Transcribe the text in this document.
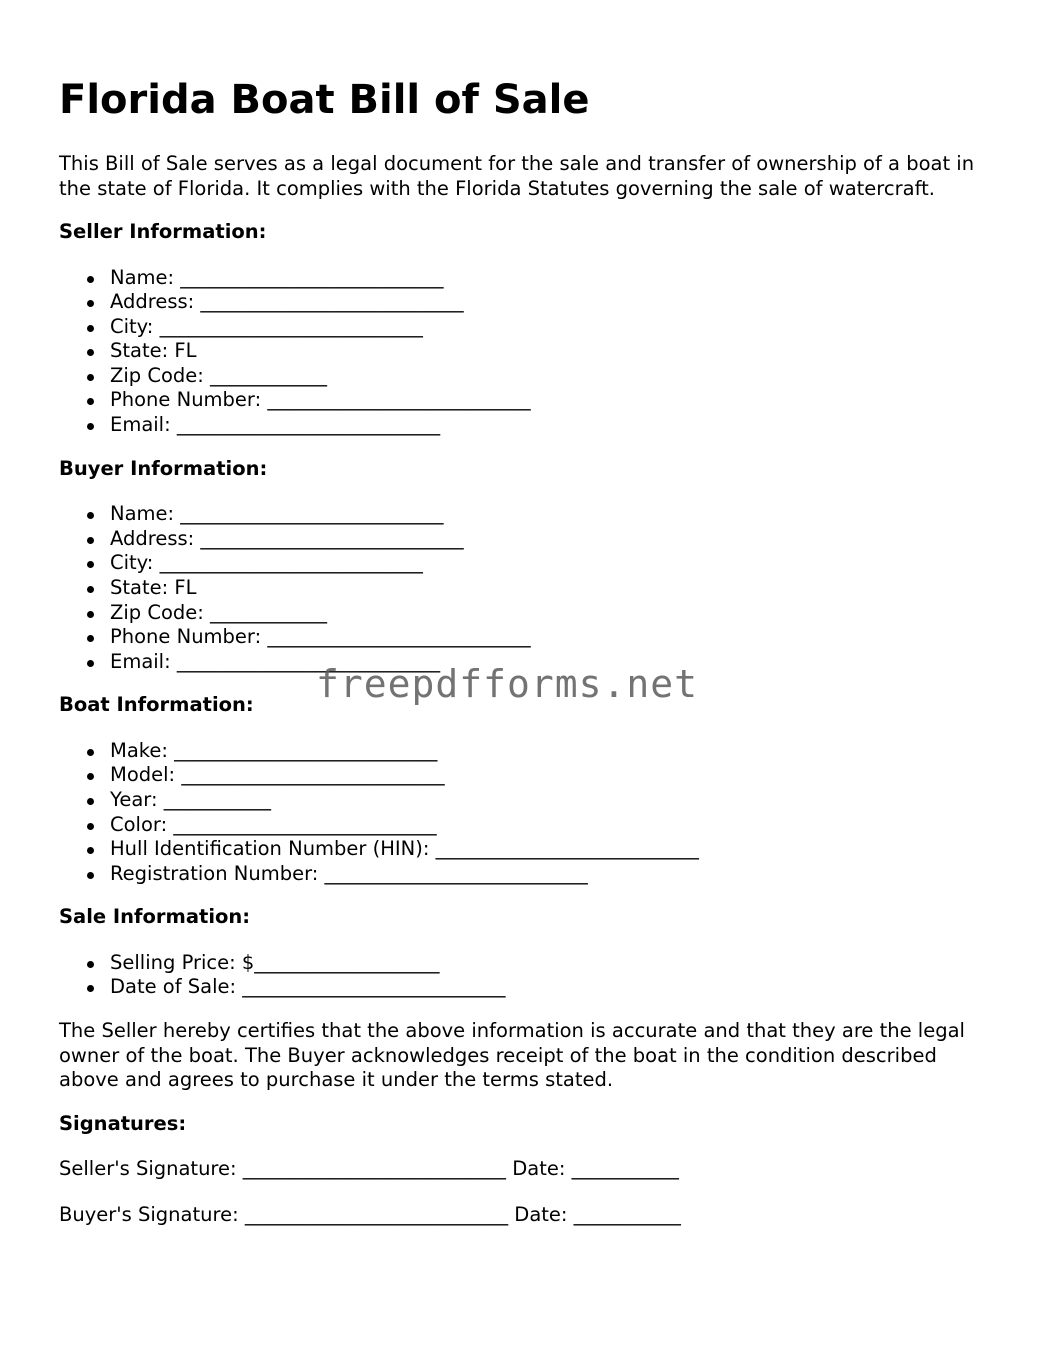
Florida Boat Bill of Sale

This Bill of Sale serves as a legal document for the sale and transfer of ownership of a boat in the state of Florida. It complies with the Florida Statutes governing the sale of watercraft.

Seller Information:
Name: ___________________________
Address: ___________________________
City: ___________________________
State: FL
Zip Code: ____________
Phone Number: ___________________________
Email: ___________________________
Buyer Information:
Name: ___________________________
Address: ___________________________
City: ___________________________
State: FL
Zip Code: ____________
Phone Number: ___________________________
Email: ___________________________
Boat Information:
Make: ___________________________
Model: ___________________________
Year: ___________
Color: ___________________________
Hull Identification Number (HIN): ___________________________
Registration Number: ___________________________
Sale Information:
Selling Price: $___________________
Date of Sale: ___________________________

The Seller hereby certifies that the above information is accurate and that they are the legal owner of the boat. The Buyer acknowledges receipt of the boat in the condition described above and agrees to purchase it under the terms stated.

Signatures:
Seller's Signature: ___________________________ Date: ___________
Buyer's Signature: ___________________________ Date: ___________
freepdfforms.net
